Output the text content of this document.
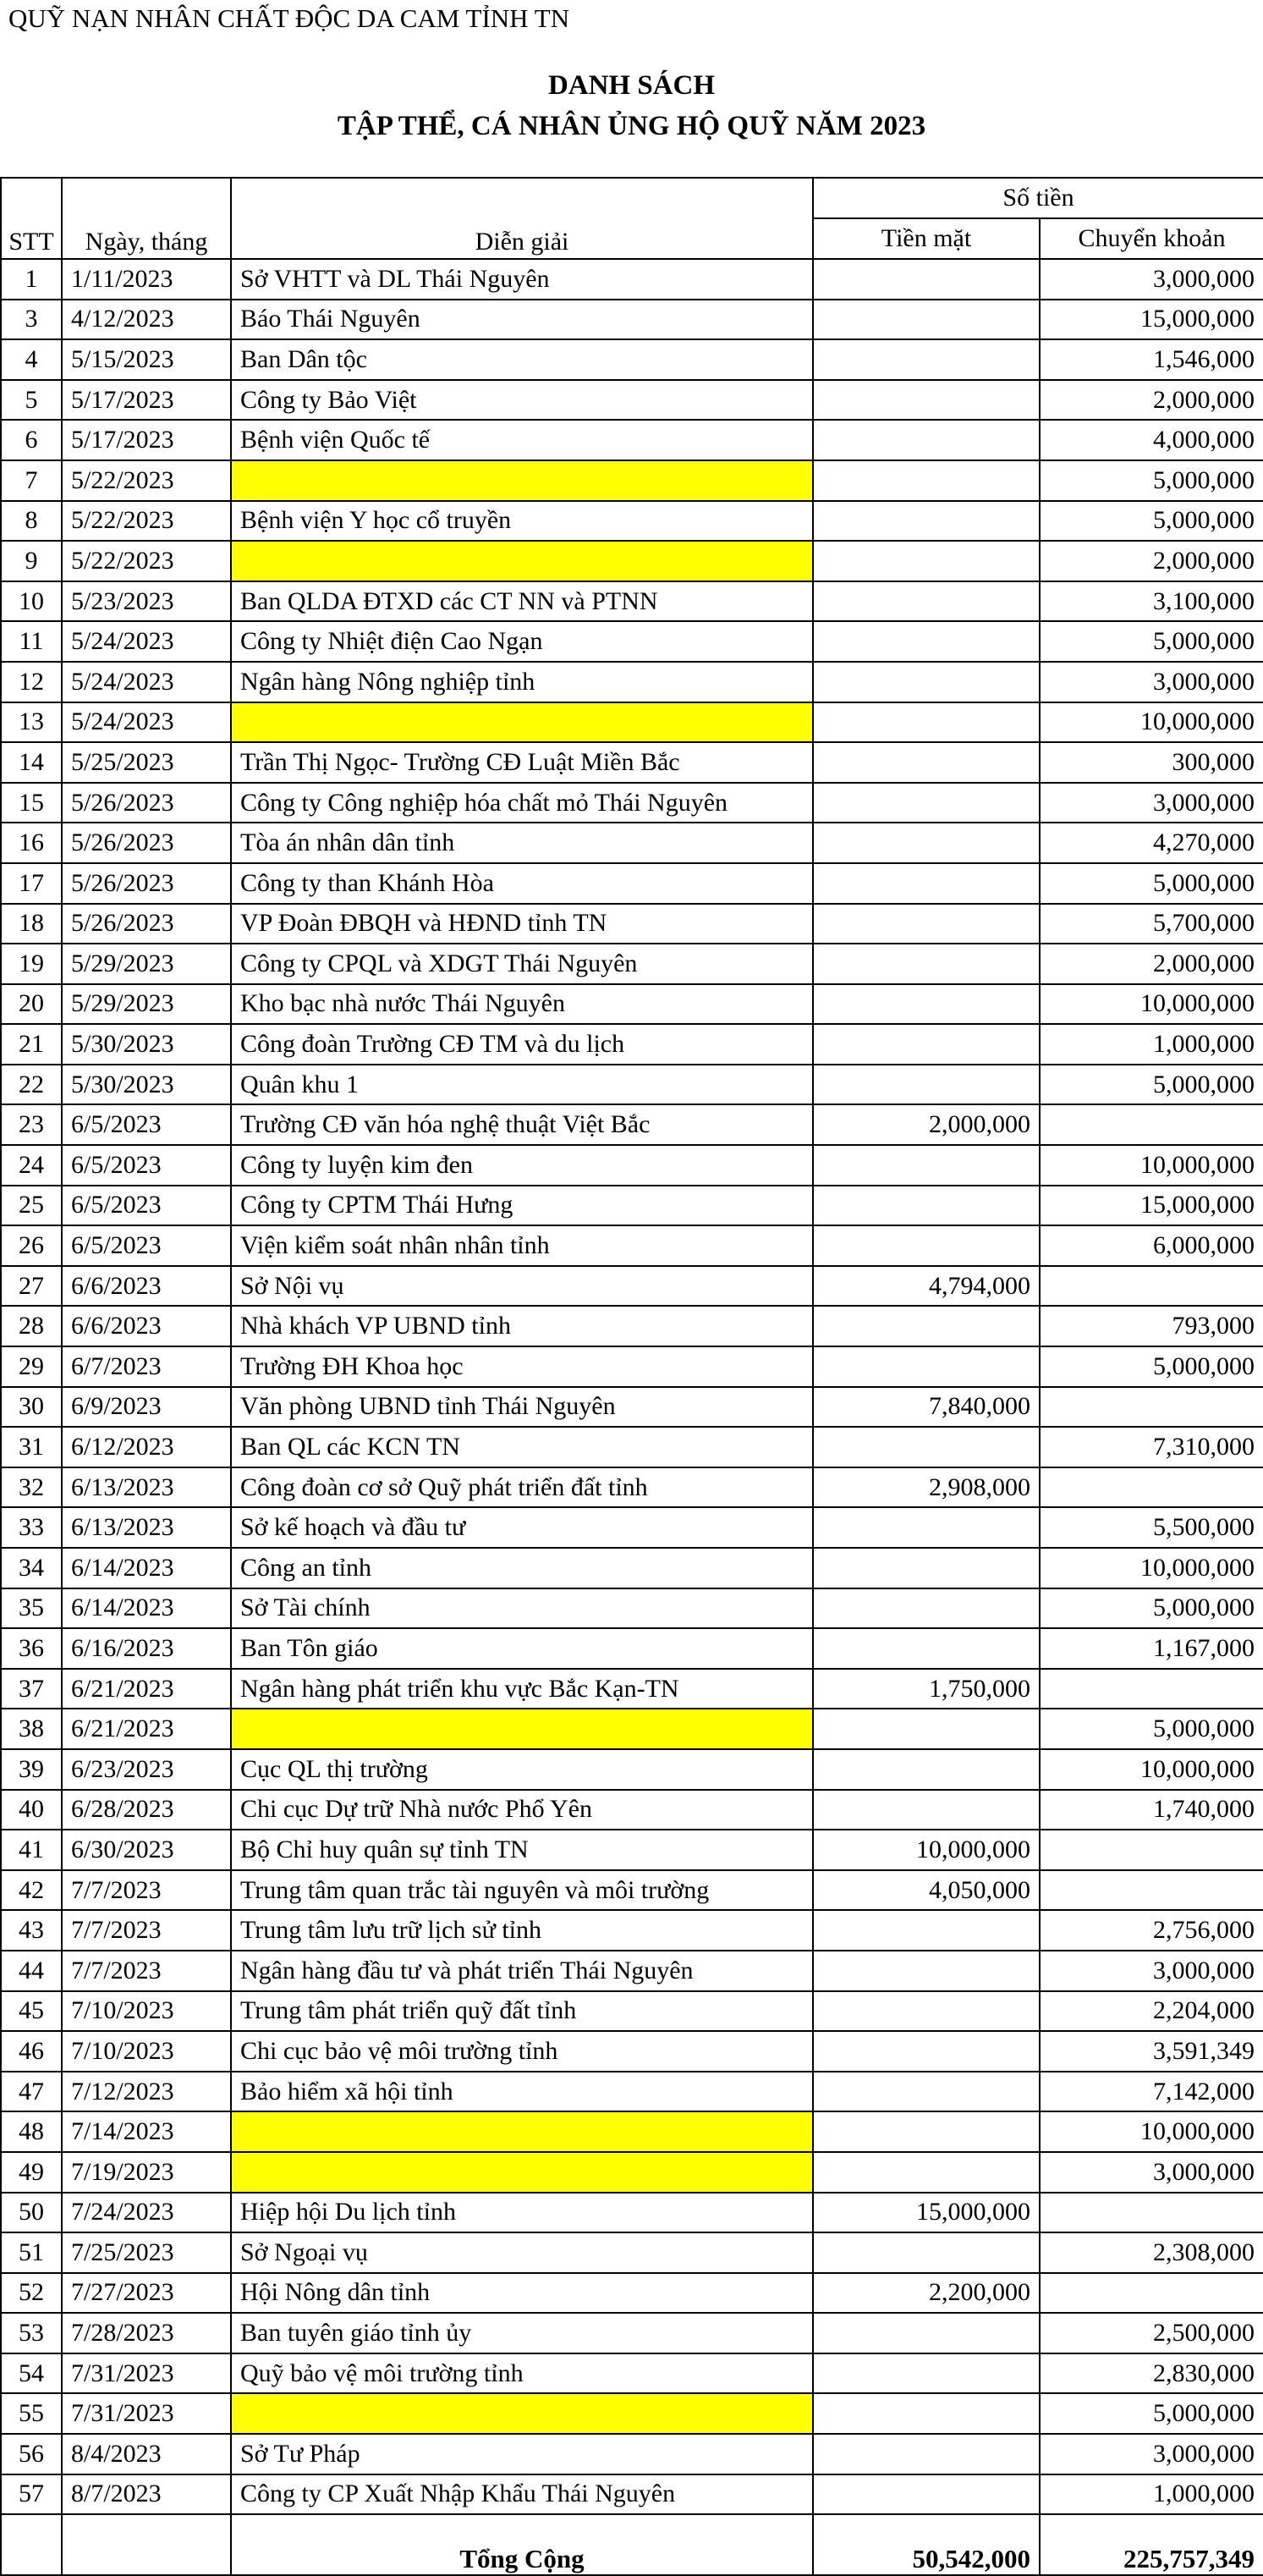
QUỸ NẠN NHÂN CHẤT ĐỘC DA CAM TỈNH TN
DANH SÁCH
TẬP THỂ, CÁ NHÂN ỦNG HỘ QUỸ NĂM 2023
STT	Ngày, tháng	Diễn giải	Số tiền	
			Tiền mặt	Chuyển khoản
1	1/11/2023	Sở VHTT và DL Thái Nguyên		3,000,000
3	4/12/2023	Báo Thái Nguyên		15,000,000
4	5/15/2023	Ban Dân tộc		1,546,000
5	5/17/2023	Công ty Bảo Việt		2,000,000
6	5/17/2023	Bệnh viện Quốc tế		4,000,000
7	5/22/2023			5,000,000
8	5/22/2023	Bệnh viện Y học cổ truyền		5,000,000
9	5/22/2023			2,000,000
10	5/23/2023	Ban QLDA ĐTXD các CT NN và PTNN		3,100,000
11	5/24/2023	Công ty Nhiệt điện Cao Ngạn		5,000,000
12	5/24/2023	Ngân hàng Nông nghiệp tỉnh		3,000,000
13	5/24/2023			10,000,000
14	5/25/2023	Trần Thị Ngọc- Trường CĐ Luật Miền Bắc		300,000
15	5/26/2023	Công ty Công nghiệp hóa chất mỏ Thái Nguyên		3,000,000
16	5/26/2023	Tòa án nhân dân tỉnh		4,270,000
17	5/26/2023	Công ty than Khánh Hòa		5,000,000
18	5/26/2023	VP Đoàn ĐBQH và HĐND tỉnh TN		5,700,000
19	5/29/2023	Công ty CPQL và XDGT Thái Nguyên		2,000,000
20	5/29/2023	Kho bạc nhà nước Thái Nguyên		10,000,000
21	5/30/2023	Công đoàn Trường CĐ TM và du lịch		1,000,000
22	5/30/2023	Quân khu 1		5,000,000
23	6/5/2023	Trường CĐ văn hóa nghệ thuật Việt Bắc	2,000,000	
24	6/5/2023	Công ty luyện kim đen		10,000,000
25	6/5/2023	Công ty CPTM Thái Hưng		15,000,000
26	6/5/2023	Viện kiểm soát nhân nhân tỉnh		6,000,000
27	6/6/2023	Sở Nội vụ	4,794,000	
28	6/6/2023	Nhà khách VP UBND tỉnh		793,000
29	6/7/2023	Trường ĐH Khoa học		5,000,000
30	6/9/2023	Văn phòng UBND tỉnh Thái Nguyên	7,840,000	
31	6/12/2023	Ban QL các KCN TN		7,310,000
32	6/13/2023	Công đoàn cơ sở Quỹ phát triển đất tỉnh	2,908,000	
33	6/13/2023	Sở kế hoạch và đầu tư		5,500,000
34	6/14/2023	Công an tỉnh		10,000,000
35	6/14/2023	Sở Tài chính		5,000,000
36	6/16/2023	Ban Tôn giáo		1,167,000
37	6/21/2023	Ngân hàng phát triển khu vực Bắc Kạn-TN	1,750,000	
38	6/21/2023			5,000,000
39	6/23/2023	Cục QL thị trường		10,000,000
40	6/28/2023	Chi cục Dự trữ Nhà nước Phổ Yên		1,740,000
41	6/30/2023	Bộ Chỉ huy quân sự tỉnh TN	10,000,000	
42	7/7/2023	Trung tâm quan trắc tài nguyên và môi trường	4,050,000	
43	7/7/2023	Trung tâm lưu trữ lịch sử tỉnh		2,756,000
44	7/7/2023	Ngân hàng đầu tư và phát triển Thái Nguyên		3,000,000
45	7/10/2023	Trung tâm phát triển quỹ đất tỉnh		2,204,000
46	7/10/2023	Chi cục bảo vệ môi trường tỉnh		3,591,349
47	7/12/2023	Bảo hiểm xã hội tỉnh		7,142,000
48	7/14/2023			10,000,000
49	7/19/2023			3,000,000
50	7/24/2023	Hiệp hội Du lịch tỉnh	15,000,000	
51	7/25/2023	Sở Ngoại vụ		2,308,000
52	7/27/2023	Hội Nông dân tỉnh	2,200,000	
53	7/28/2023	Ban tuyên giáo tỉnh ủy		2,500,000
54	7/31/2023	Quỹ bảo vệ môi trường tỉnh		2,830,000
55	7/31/2023			5,000,000
56	8/4/2023	Sở Tư Pháp		3,000,000
57	8/7/2023	Công ty CP Xuất Nhập Khẩu Thái Nguyên		1,000,000
		Tổng Cộng	50,542,000	225,757,349
